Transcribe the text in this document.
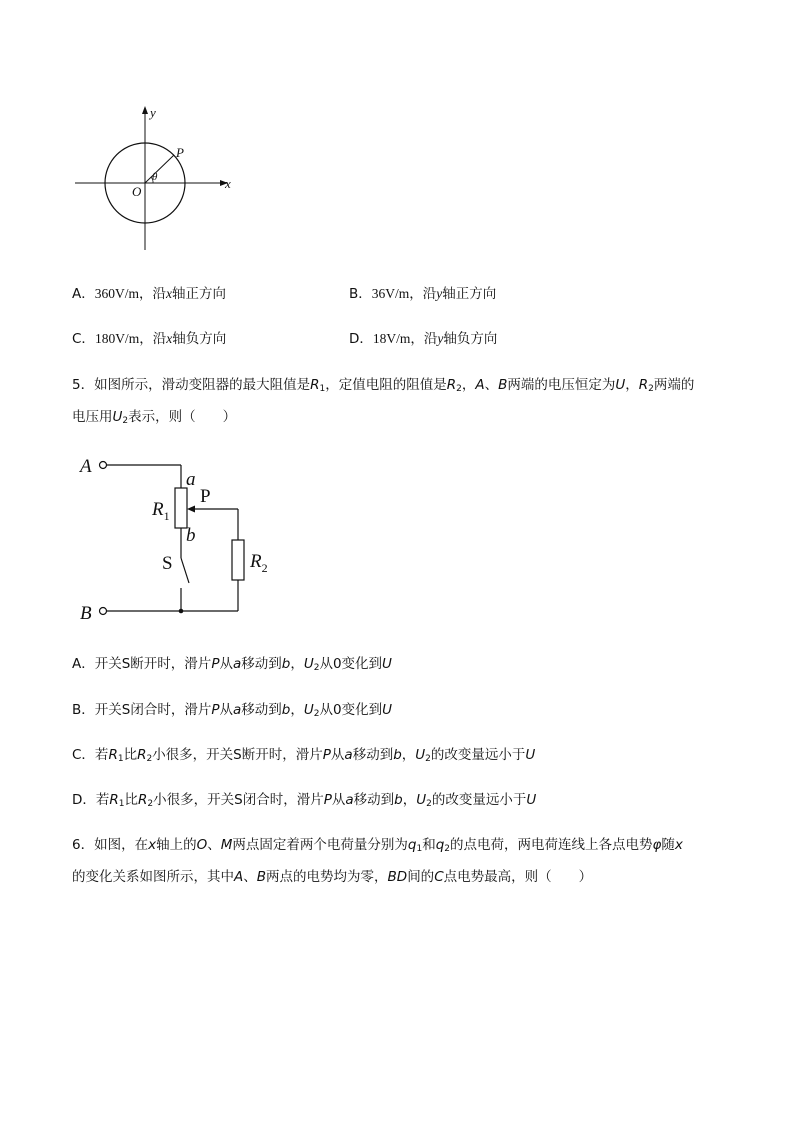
y
x
P
O
θ
A．360V/m，沿x轴正方向	B．36V/m，沿y轴正方向
C．180V/m，沿x轴负方向	D．18V/m，沿y轴负方向
5．如图所示，滑动变阻器的最大阻值是$R_1$，定值电阻的阻值是$R_2$，A、B两端的电压恒定为U，$R_2$两端的
电压用$U_2$表示，则（　　）
A
B
a
b
P
$R_1$
$R_2$
S
A．开关S断开时，滑片P从a移动到b，$U_2$从0变化到U
B．开关S闭合时，滑片P从a移动到b，$U_2$从0变化到U
C．若$R_1$比$R_2$小很多，开关S断开时，滑片P从a移动到b，$U_2$的改变量远小于U
D．若$R_1$比$R_2$小很多，开关S闭合时，滑片P从a移动到b，$U_2$的改变量远小于U
6．如图，在x轴上的O、M两点固定着两个电荷量分别为$q_1$和$q_2$的点电荷，两电荷连线上各点电势φ随x
的变化关系如图所示，其中A、B两点的电势均为零，BD间的C点电势最高，则（　　）
